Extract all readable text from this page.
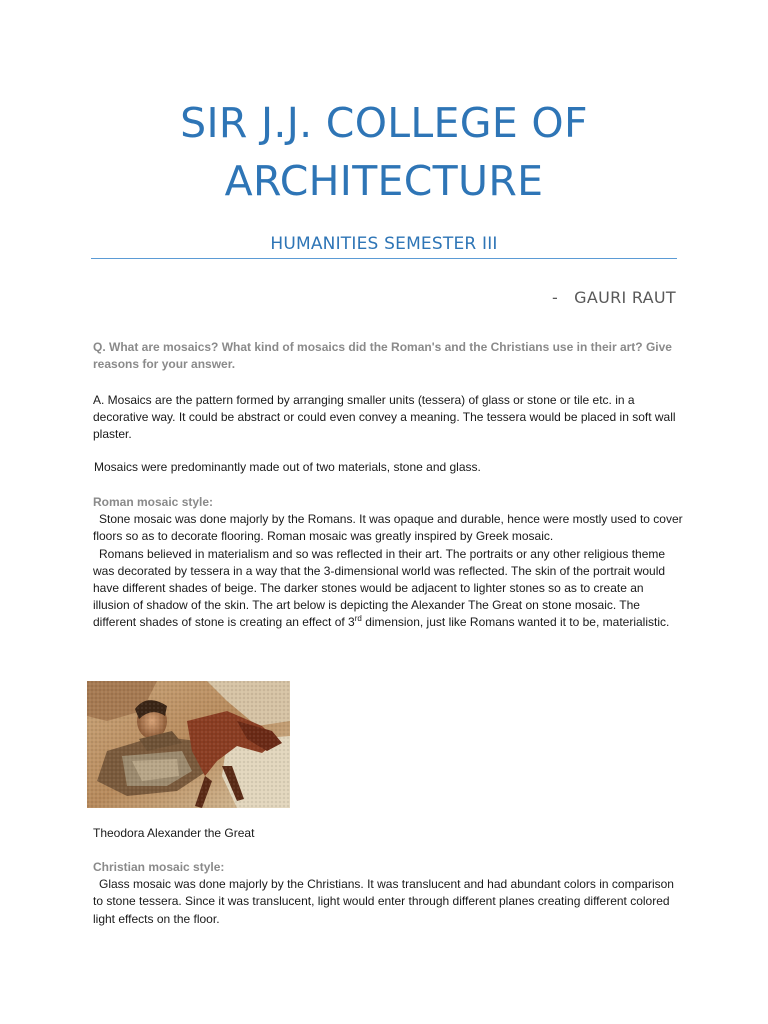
SIR J.J. COLLEGE OF
ARCHITECTURE
HUMANITIES SEMESTER III
- GAURI RAUT
Q. What are mosaics? What kind of mosaics did the Roman's and the Christians use in their art? Give reasons for your answer.
A. Mosaics are the pattern formed by arranging smaller units (tessera) of glass or stone or tile etc. in a decorative way. It could be abstract or could even convey a meaning. The tessera would be placed in soft wall plaster.
Mosaics were predominantly made out of two materials, stone and glass.
Roman mosaic style:
Stone mosaic was done majorly by the Romans. It was opaque and durable, hence were mostly used to cover floors so as to decorate flooring. Roman mosaic was greatly inspired by Greek mosaic.
Romans believed in materialism and so was reflected in their art. The portraits or any other religious theme was decorated by tessera in a way that the 3-dimensional world was reflected. The skin of the portrait would have different shades of beige. The darker stones would be adjacent to lighter stones so as to create an illusion of shadow of the skin. The art below is depicting the Alexander The Great on stone mosaic. The different shades of stone is creating an effect of 3rd dimension, just like Romans wanted it to be, materialistic.
Theodora Alexander the Great
Christian mosaic style:
Glass mosaic was done majorly by the Christians. It was translucent and had abundant colors in comparison to stone tessera. Since it was translucent, light would enter through different planes creating different colored light effects on the floor.
